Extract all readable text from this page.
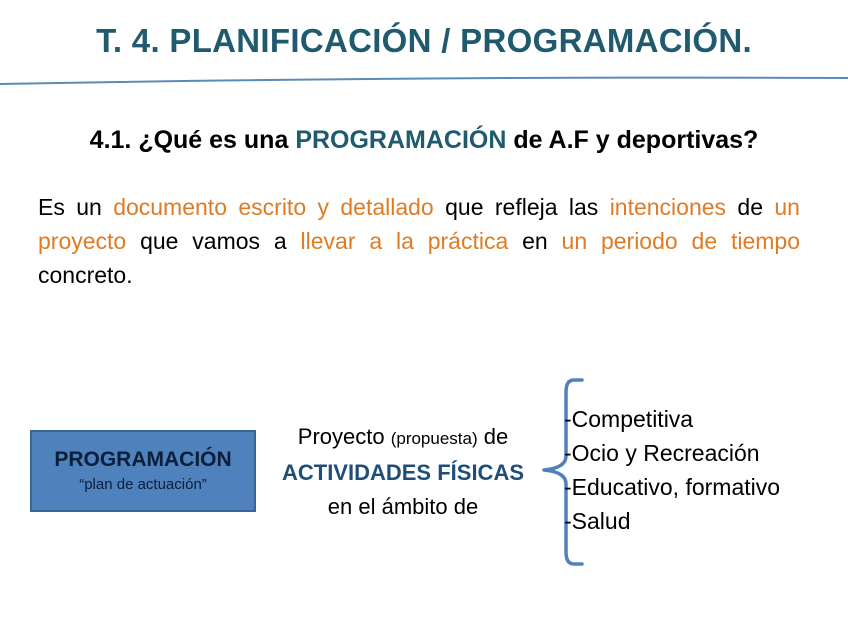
T. 4. PLANIFICACIÓN / PROGRAMACIÓN.
4.1. ¿Qué es una PROGRAMACIÓN de A.F y deportivas?
Es un documento escrito y detallado que refleja las intenciones de un proyecto que vamos a llevar a la práctica en un periodo de tiempo concreto.
PROGRAMACIÓN
“plan de actuación”
Proyecto (propuesta) de
ACTIVIDADES FÍSICAS
en el ámbito de
-Competitiva
-Ocio y Recreación
-Educativo, formativo
-Salud
